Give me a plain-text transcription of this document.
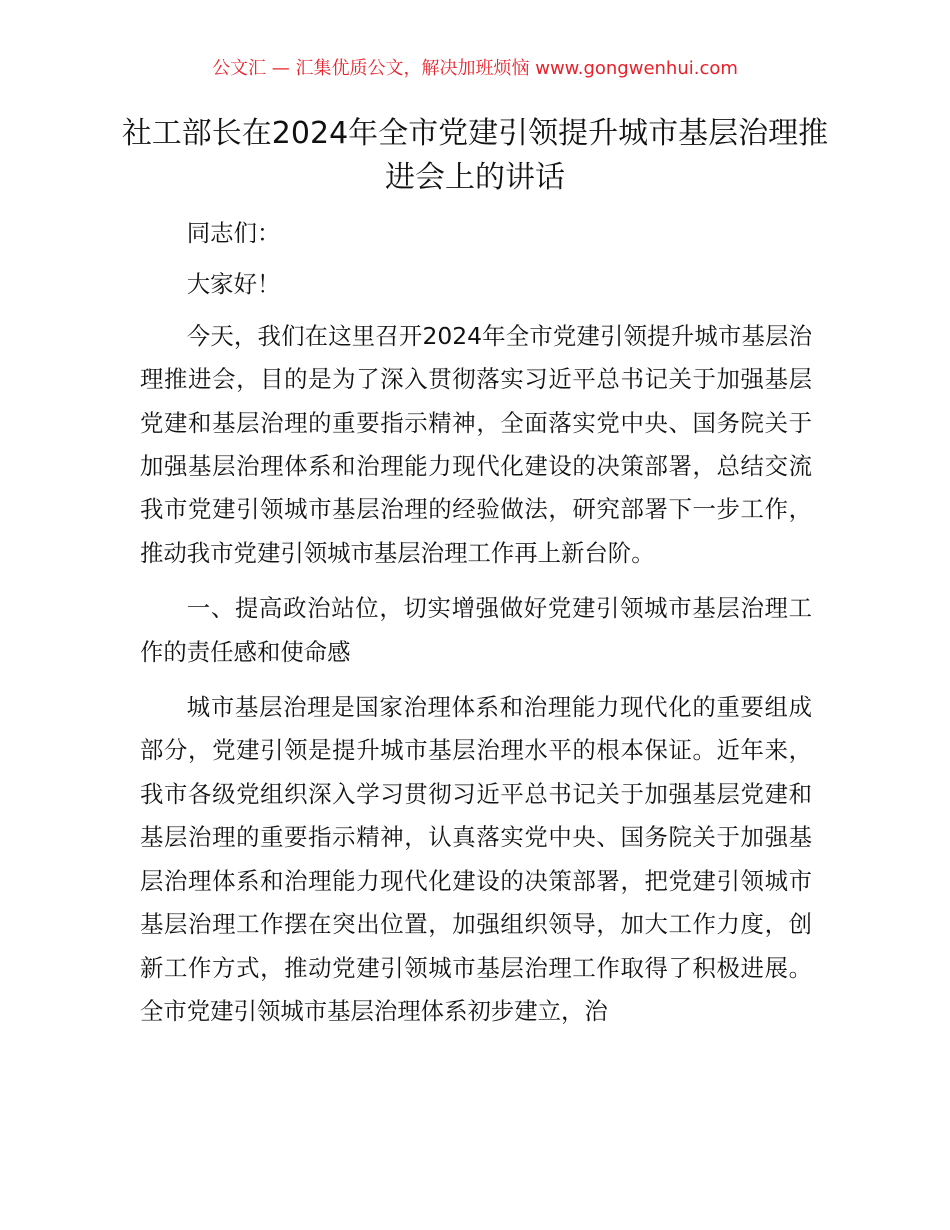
公文汇 — 汇集优质公文，解决加班烦恼 www.gongwenhui.com
社工部长在2024年全市党建引领提升城市基层治理推进会上的讲话

同志们：

大家好！

今天，我们在这里召开2024年全市党建引领提升城市基层治理推进会，目的是为了深入贯彻落实习近平总书记关于加强基层党建和基层治理的重要指示精神，全面落实党中央、国务院关于加强基层治理体系和治理能力现代化建设的决策部署，总结交流我市党建引领城市基层治理的经验做法，研究部署下一步工作，推动我市党建引领城市基层治理工作再上新台阶。

一、提高政治站位，切实增强做好党建引领城市基层治理工作的责任感和使命感

城市基层治理是国家治理体系和治理能力现代化的重要组成部分，党建引领是提升城市基层治理水平的根本保证。近年来，我市各级党组织深入学习贯彻习近平总书记关于加强基层党建和基层治理的重要指示精神，认真落实党中央、国务院关于加强基层治理体系和治理能力现代化建设的决策部署，把党建引领城市基层治理工作摆在突出位置，加强组织领导，加大工作力度，创新工作方式，推动党建引领城市基层治理工作取得了积极进展。全市党建引领城市基层治理体系初步建立，治
